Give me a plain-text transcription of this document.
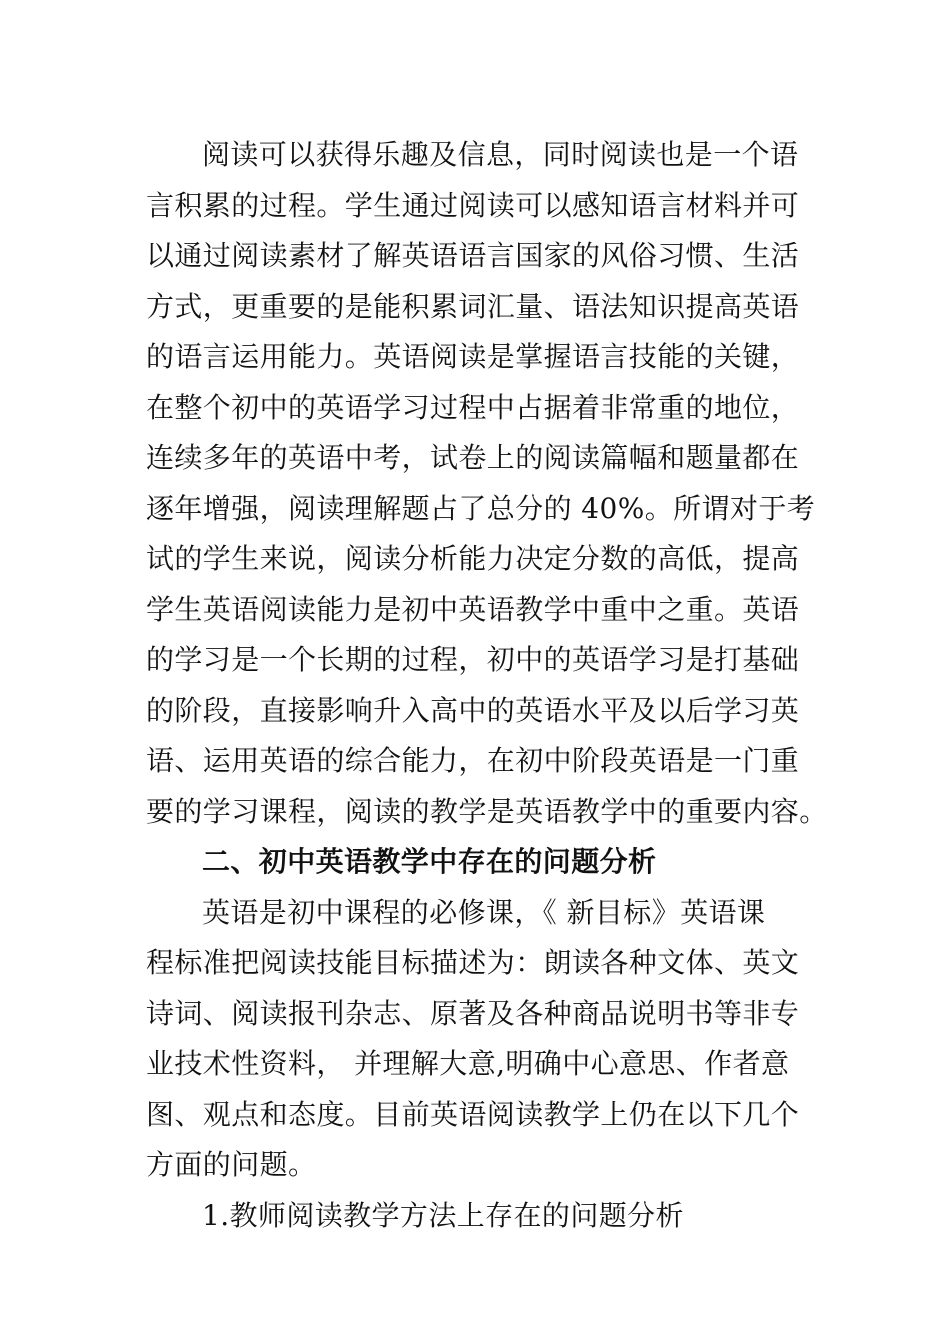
阅读可以获得乐趣及信息，同时阅读也是一个语
言积累的过程。学生通过阅读可以感知语言材料并可
以通过阅读素材了解英语语言国家的风俗习惯、生活
方式，更重要的是能积累词汇量、语法知识提高英语
的语言运用能力。英语阅读是掌握语言技能的关键，
在整个初中的英语学习过程中占据着非常重的地位，
连续多年的英语中考，试卷上的阅读篇幅和题量都在
逐年增强，阅读理解题占了总分的 40%。所谓对于考
试的学生来说，阅读分析能力决定分数的高低，提高
学生英语阅读能力是初中英语教学中重中之重。英语
的学习是一个长期的过程，初中的英语学习是打基础
的阶段，直接影响升入高中的英语水平及以后学习英
语、运用英语的综合能力，在初中阶段英语是一门重
要的学习课程，阅读的教学是英语教学中的重要内容。
二、初中英语教学中存在的问题分析
英语是初中课程的必修课，《 新目标》英语课
程标准把阅读技能目标描述为：朗读各种文体、英文
诗词、阅读报刊杂志、原著及各种商品说明书等非专
业技术性资料， 并理解大意,明确中心意思、作者意
图、观点和态度。目前英语阅读教学上仍在以下几个
方面的问题。
1.教师阅读教学方法上存在的问题分析
